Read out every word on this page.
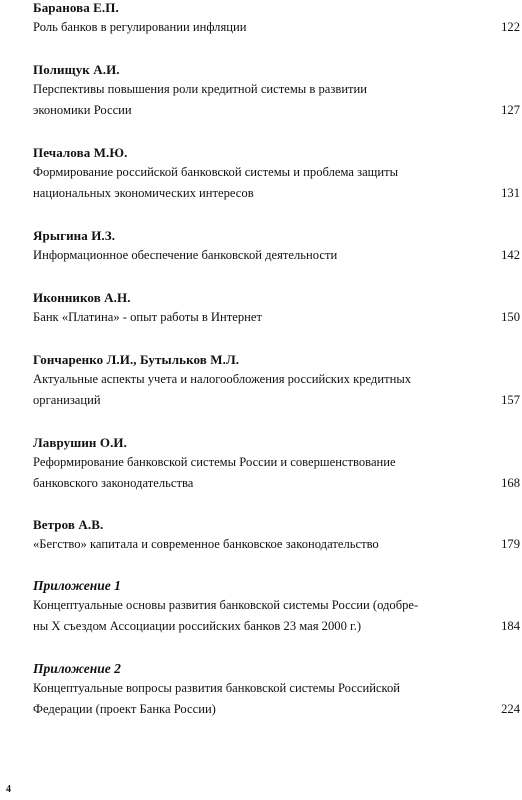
Баранова Е.П.
Роль банков в регулировании инфляции	122
Полищук А.И.
Перспективы повышения роли кредитной системы в развитии
экономики России	127
Печалова М.Ю.
Формирование российской банковской системы и проблема защиты
национальных экономических интересов	131
Ярыгина И.З.
Информационное обеспечение банковской деятельности	142
Иконников А.Н.
Банк «Платина» - опыт работы в Интернет	150
Гончаренко Л.И., Бутыльков М.Л.
Актуальные аспекты учета и налогообложения российских кредитных
организаций	157
Лаврушин О.И.
Реформирование банковской системы России и совершенствование
банковского законодательства	168
Ветров А.В.
«Бегство» капитала и современное банковское законодательство	179
Приложение 1
Концептуальные основы развития банковской системы России (одобре-
ны X съездом Ассоциации российских банков 23 мая 2000 г.)	184
Приложение 2
Концептуальные вопросы развития банковской системы Российской
Федерации (проект Банка России)	224
4
